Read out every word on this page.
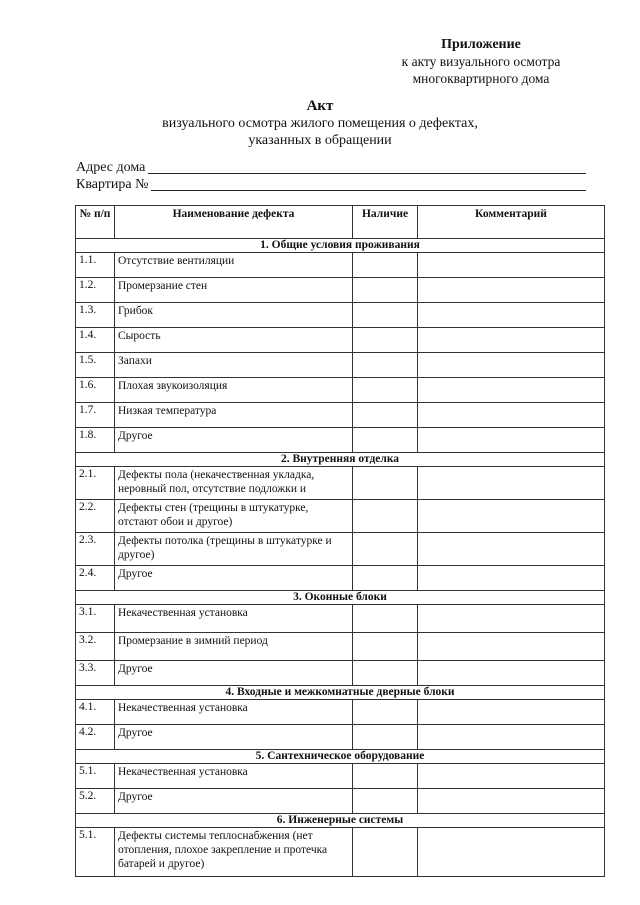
Приложение
к акту визуального осмотра
многоквартирного дома
Акт
визуального осмотра жилого помещения о дефектах,
указанных в обращении
Адрес дома
Квартира №
№ п/п	Наименование дефекта	Наличие	Комментарий
1. Общие условия проживания			
1.1.	Отсутствие вентиляции		
1.2.	Промерзание стен		
1.3.	Грибок		
1.4.	Сырость		
1.5.	Запахи		
1.6.	Плохая звукоизоляция		
1.7.	Низкая температура		
1.8.	Другое		
2. Внутренняя отделка			
2.1.	Дефекты пола (некачественная укладка, неровный пол, отсутствие подложки и		
2.2.	Дефекты стен (трещины в штукатурке, отстают обои и другое)		
2.3.	Дефекты потолка (трещины в штукатурке и другое)		
2.4.	Другое		
3. Оконные блоки			
3.1.	Некачественная установка		
3.2.	Промерзание в зимний период		
3.3.	Другое		
4. Входные и межкомнатные дверные блоки			
4.1.	Некачественная установка		
4.2.	Другое		
5. Сантехническое оборудование			
5.1.	Некачественная установка		
5.2.	Другое		
6. Инженерные системы			
5.1.	Дефекты системы теплоснабжения (нет отопления, плохое закрепление и протечка батарей и другое)		
